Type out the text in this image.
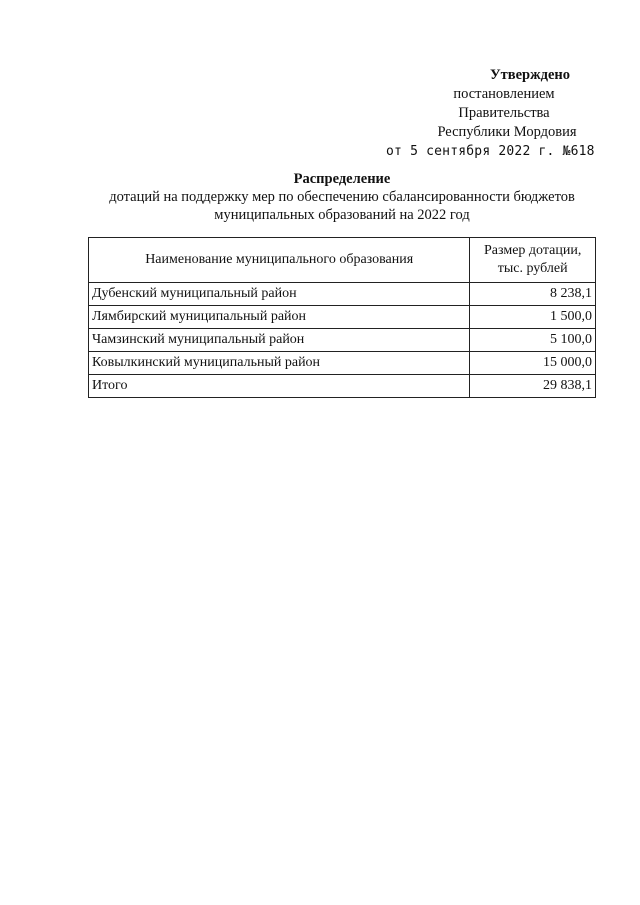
Утверждено
постановлением Правительства
Республики Мордовия
от 5 сентября 2022 г. №618
Распределение
дотаций на поддержку мер по обеспечению сбалансированности бюджетов
муниципальных образований на 2022 год
Наименование муниципального образования	Размер дотации,
тыс. рублей

Дубенский муниципальный район	8 238,1
Лямбирский муниципальный район	1 500,0
Чамзинский муниципальный район	5 100,0
Ковылкинский муниципальный район	15 000,0
Итого	29 838,1
